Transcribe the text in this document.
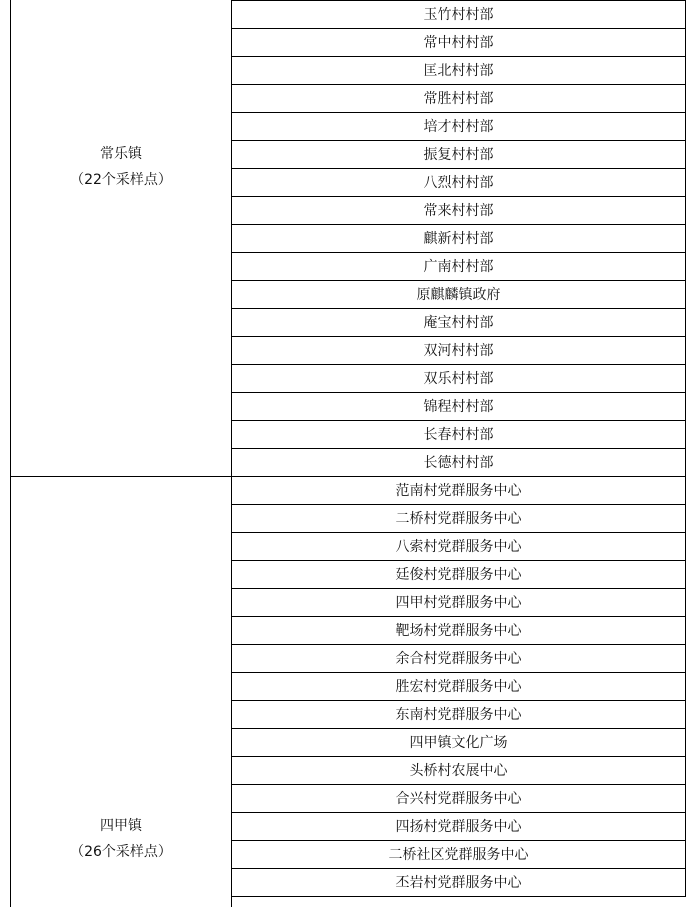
常乐镇
（22个采样点）
玉竹村村部
常中村村部
匡北村村部
常胜村村部
培才村村部
振复村村部
八烈村村部
常来村村部
麒新村村部
广南村村部
原麒麟镇政府
庵宝村村部
双河村村部
双乐村村部
锦程村村部
长春村村部
长德村村部
四甲镇
（26个采样点）
范南村党群服务中心
二桥村党群服务中心
八索村党群服务中心
廷俊村党群服务中心
四甲村党群服务中心
靶场村党群服务中心
余合村党群服务中心
胜宏村党群服务中心
东南村党群服务中心
四甲镇文化广场
头桥村农展中心
合兴村党群服务中心
四扬村党群服务中心
二桥社区党群服务中心
丕岩村党群服务中心
